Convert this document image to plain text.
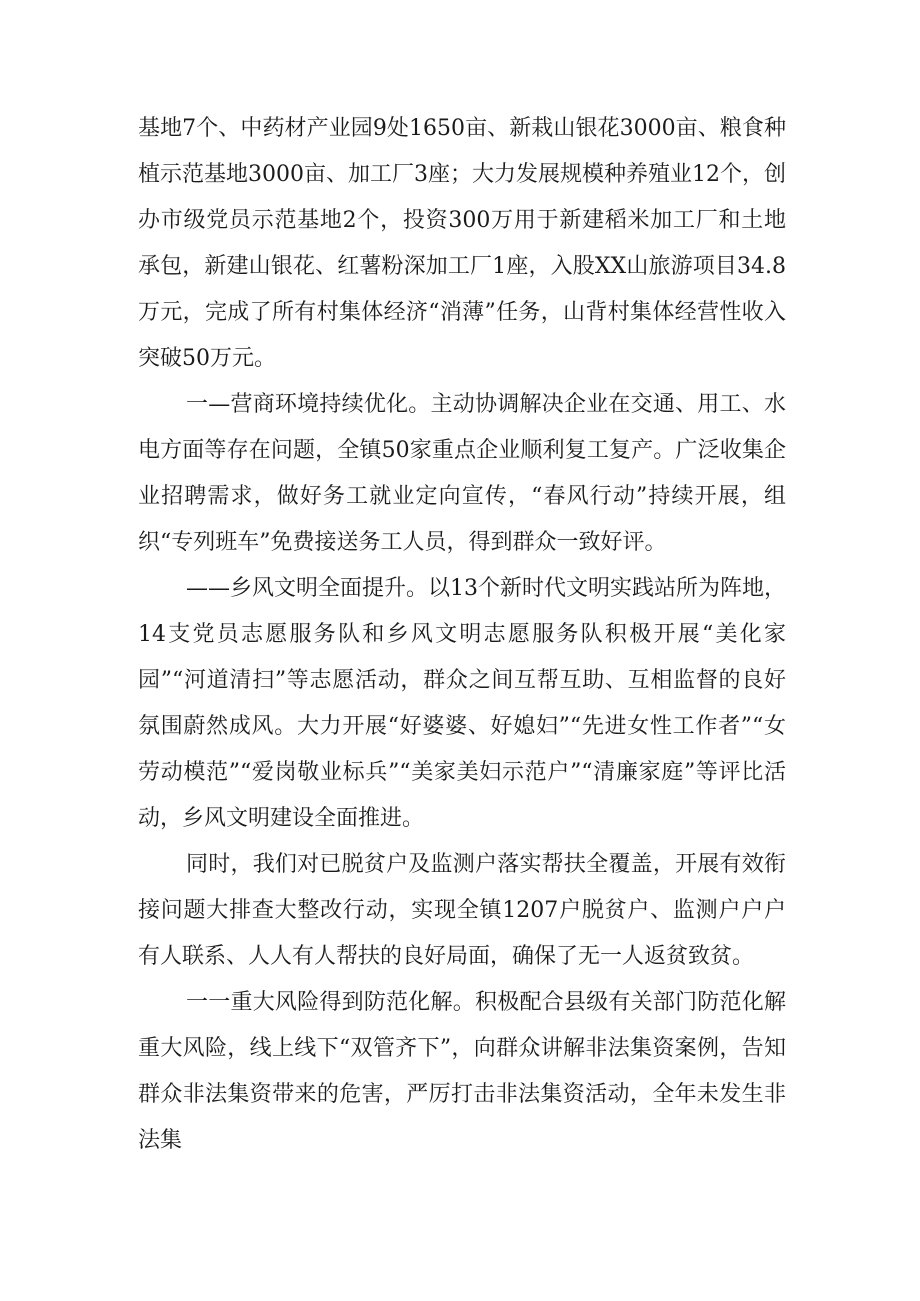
基地7个、中药材产业园9处1650亩、新栽山银花3000亩、粮食种植示范基地3000亩、加工厂3座；大力发展规模种养殖业12个，创办市级党员示范基地2个，投资300万用于新建稻米加工厂和土地承包，新建山银花、红薯粉深加工厂1座，入股XX山旅游项目34.8万元，完成了所有村集体经济“消薄”任务，山背村集体经营性收入突破50万元。

一—营商环境持续优化。主动协调解决企业在交通、用工、水电方面等存在问题，全镇50家重点企业顺利复工复产。广泛收集企业招聘需求，做好务工就业定向宣传，“春风行动”持续开展，组织“专列班车”免费接送务工人员，得到群众一致好评。

——乡风文明全面提升。以13个新时代文明实践站所为阵地，14支党员志愿服务队和乡风文明志愿服务队积极开展“美化家园”“河道清扫”等志愿活动，群众之间互帮互助、互相监督的良好氛围蔚然成风。大力开展“好婆婆、好媳妇”“先进女性工作者”“女劳动模范”“爱岗敬业标兵”“美家美妇示范户”“清廉家庭”等评比活动，乡风文明建设全面推进。

同时，我们对已脱贫户及监测户落实帮扶全覆盖，开展有效衔接问题大排查大整改行动，实现全镇1207户脱贫户、监测户户户有人联系、人人有人帮扶的良好局面，确保了无一人返贫致贫。

一一重大风险得到防范化解。积极配合县级有关部门防范化解重大风险，线上线下“双管齐下”，向群众讲解非法集资案例，告知群众非法集资带来的危害，严厉打击非法集资活动，全年未发生非法集
